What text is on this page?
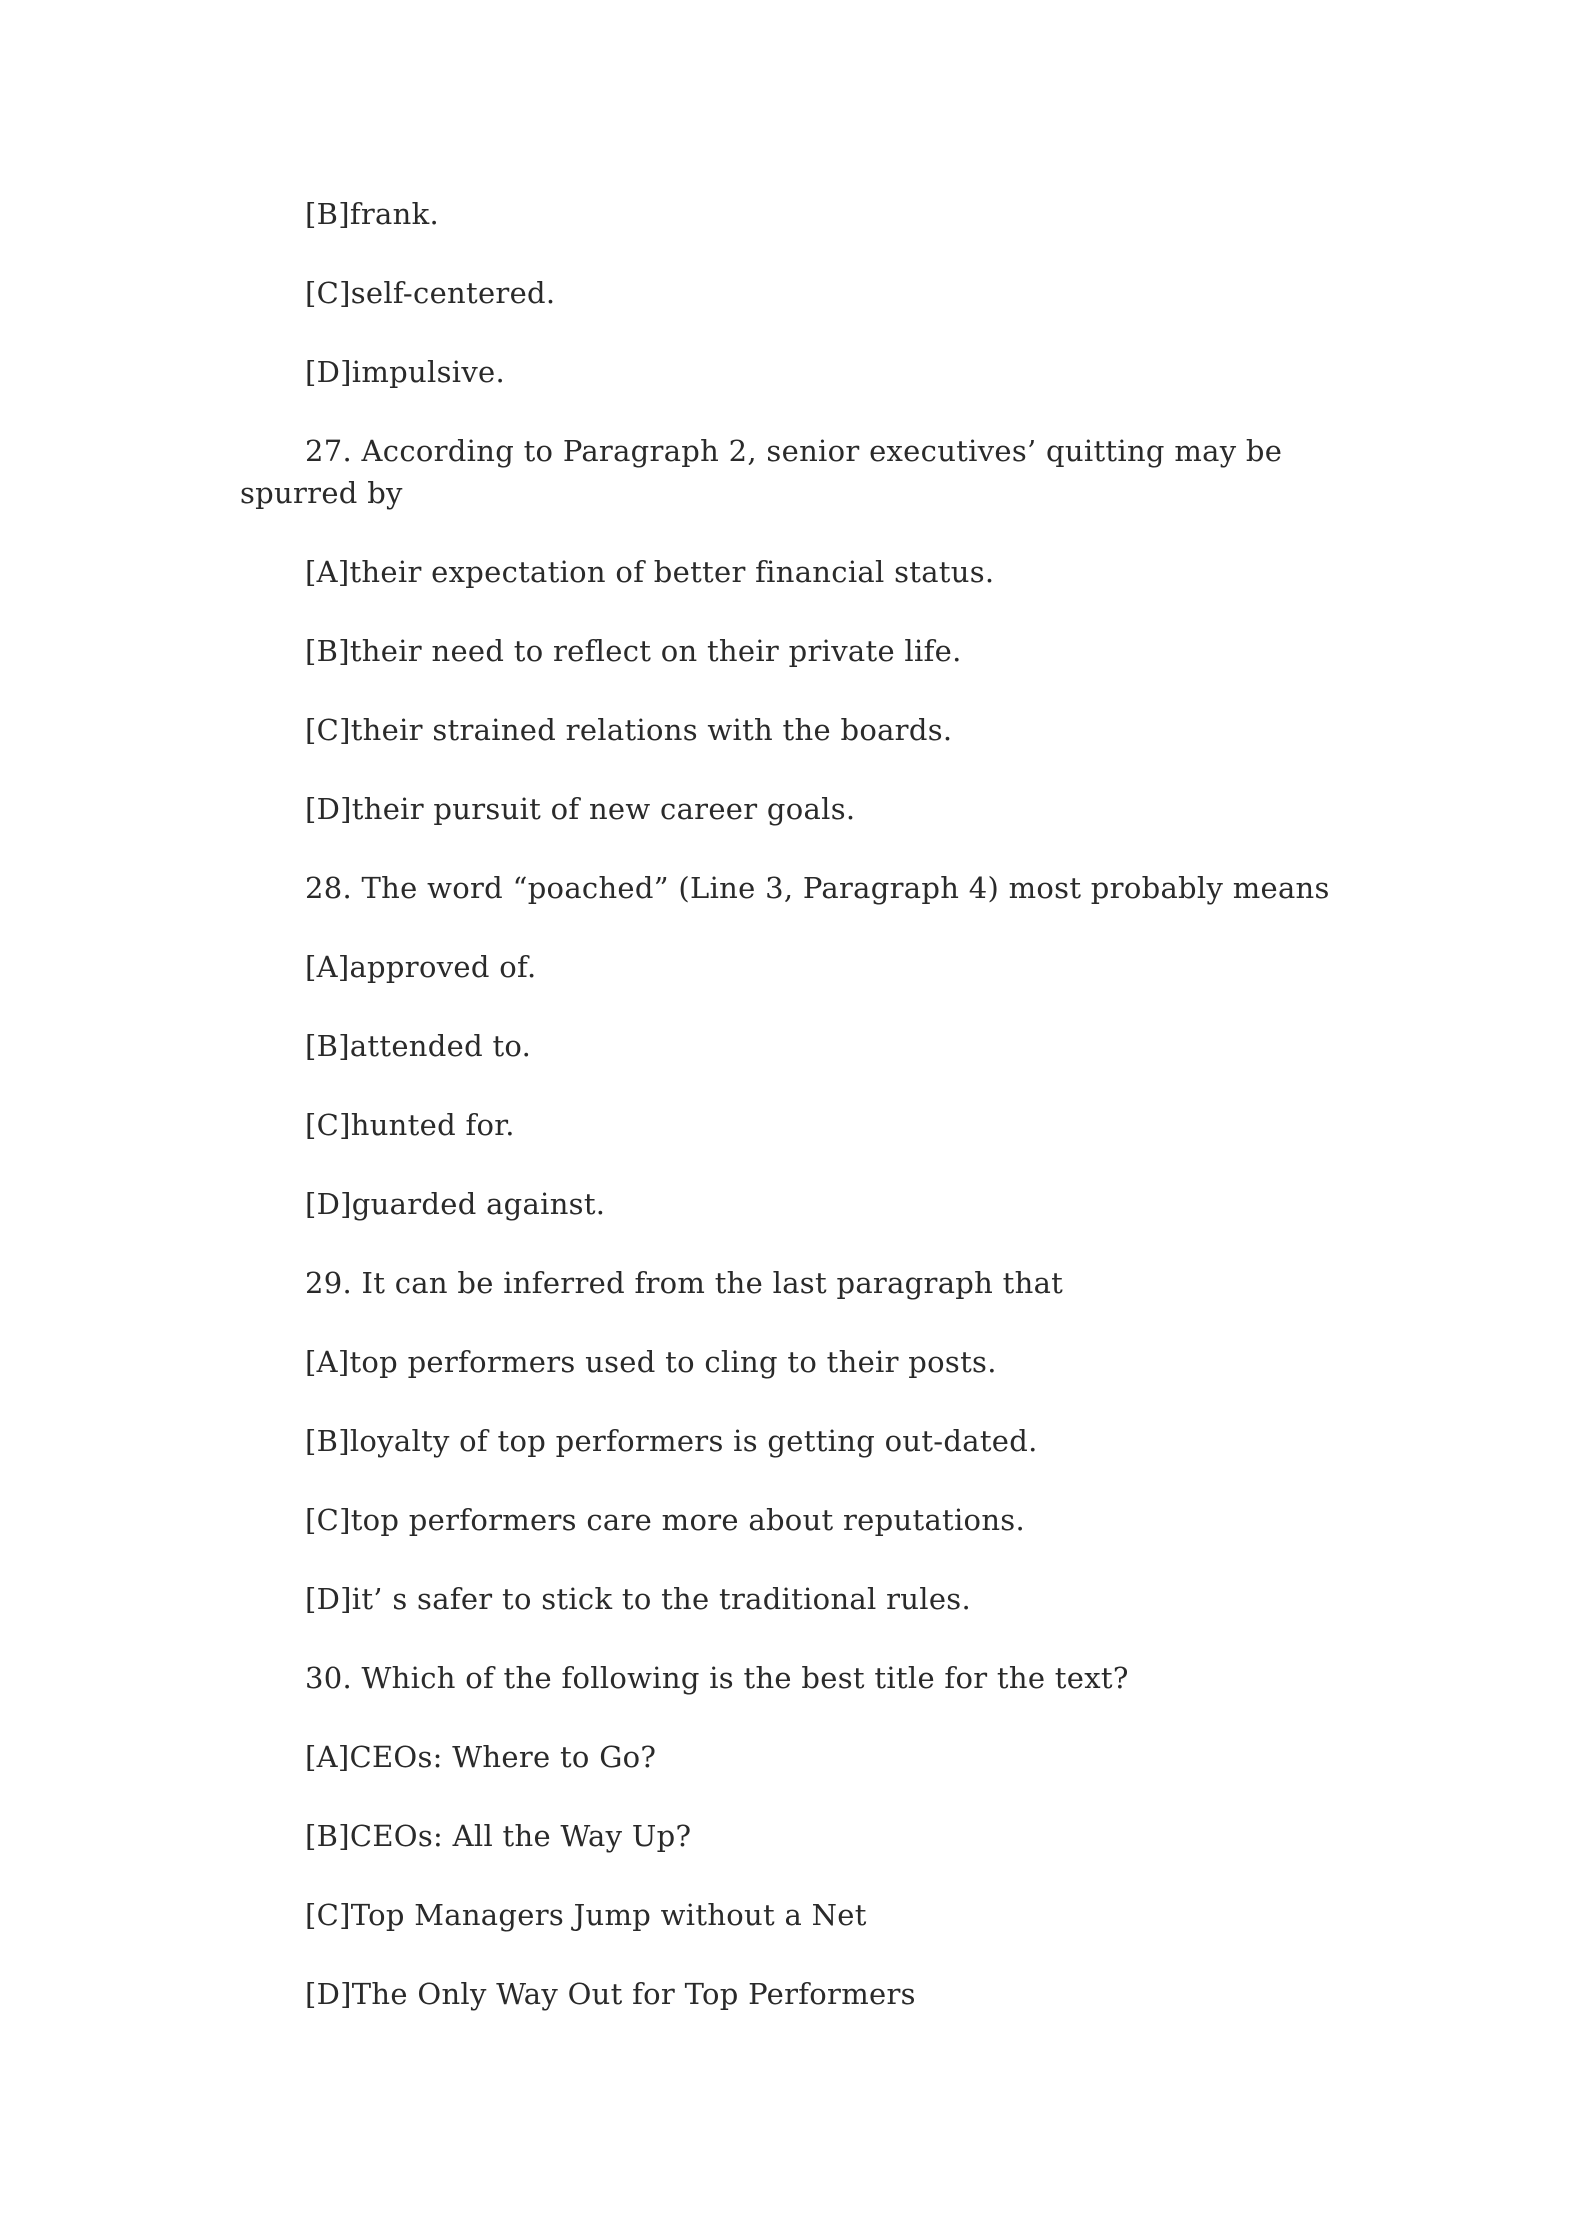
[B]frank.
[C]self-centered.
[D]impulsive.
27. According to Paragraph 2, senior executives’ quitting may be
spurred by
[A]their expectation of better financial status.
[B]their need to reflect on their private life.
[C]their strained relations with the boards.
[D]their pursuit of new career goals.
28. The word “poached” (Line 3, Paragraph 4) most probably means
[A]approved of.
[B]attended to.
[C]hunted for.
[D]guarded against.
29. It can be inferred from the last paragraph that
[A]top performers used to cling to their posts.
[B]loyalty of top performers is getting out-dated.
[C]top performers care more about reputations.
[D]it’ s safer to stick to the traditional rules.
30. Which of the following is the best title for the text?
[A]CEOs: Where to Go?
[B]CEOs: All the Way Up?
[C]Top Managers Jump without a Net
[D]The Only Way Out for Top Performers
